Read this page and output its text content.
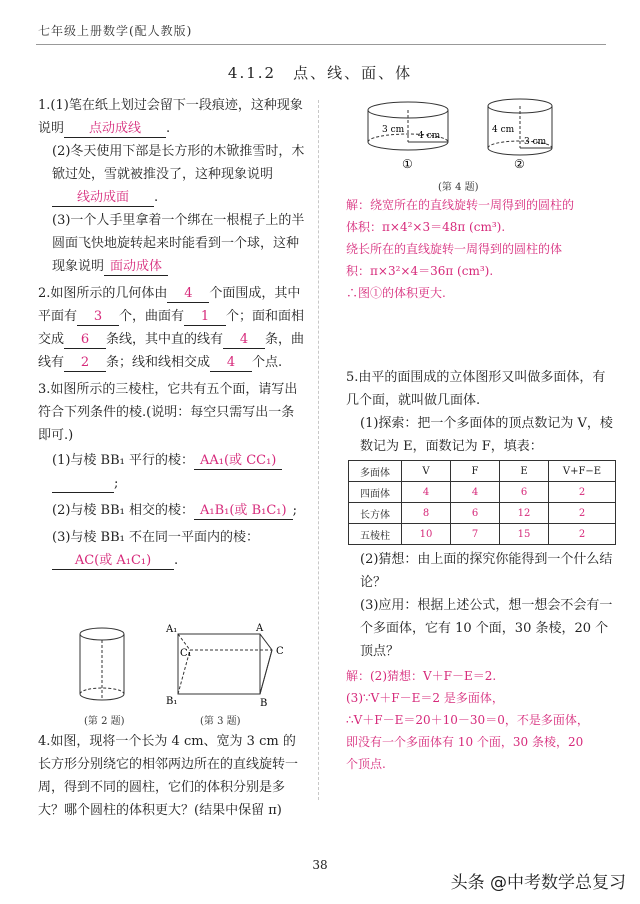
七年级上册数学(配人教版)
4.1.2　点、线、面、体
1.(1)笔在纸上划过会留下一段痕迹，这种现象说明 点动成线 .
(2)冬天使用下部是长方形的木锨推雪时，木锨过处，雪就被推没了，这种现象说明线动成面 .
(3)一个人手里拿着一个绑在一根棍子上的半圆面飞快地旋转起来时能看到一个球，这种现象说明 面动成体
2.如图所示的几何体由 4 个面围成，其中平面有 3 个，曲面有 1 个；面和面相交成 6 条线，其中直的线有 4 条，曲线有 2 条；线和线相交成 4 个点.
3.如图所示的三棱柱，它共有五个面，请写出符合下列条件的棱.(说明：每空只需写出一条即可.)
(1)与棱 BB₁ 平行的棱： AA₁(或 CC₁)  ;
(2)与棱 BB₁ 相交的棱： A₁B₁(或 B₁C₁) ;
(3)与棱 BB₁ 不在同一平面内的棱：AC(或 A₁C₁) .
(第 2 题)
A
C₁
A₁
C
B₁	B
(第 3 题)
4.如图，现将一个长为 4 cm、宽为 3 cm 的长方形分别绕它的相邻两边所在的直线旋转一周，得到不同的圆柱，它们的体积分别是多大？哪个圆柱的体积更大？(结果中保留 π)
3 cm
4 cm
①
4 cm
3 cm
②
(第 4 题)
解：绕宽所在的直线旋转一周得到的圆柱的
体积：π×4²×3＝48π (cm³).
绕长所在的直线旋转一周得到的圆柱的体
积：π×3²×4＝36π (cm³).
∴图①的体积更大.
5.由平的面围成的立体图形又叫做多面体，有几个面，就叫做几面体.
(1)探索：把一个多面体的顶点数记为 V，棱数记为 E，面数记为 F，填表：
多面体	V	F	E	V+F−E
四面体	4	4	6	2
长方体	8	6	12	2
五棱柱	10	7	15	2
(2)猜想：由上面的探究你能得到一个什么结论？
(3)应用：根据上述公式，想一想会不会有一个多面体，它有 10 个面，30 条棱，20 个顶点？
解：(2)猜想：V＋F－E＝2.
(3)∵V＋F－E＝2 是多面体，
∴V＋F－E＝20＋10－30＝0，不是多面体，
即没有一个多面体有 10 个面，30 条棱，20
个顶点.
38
头条 @中考数学总复习
